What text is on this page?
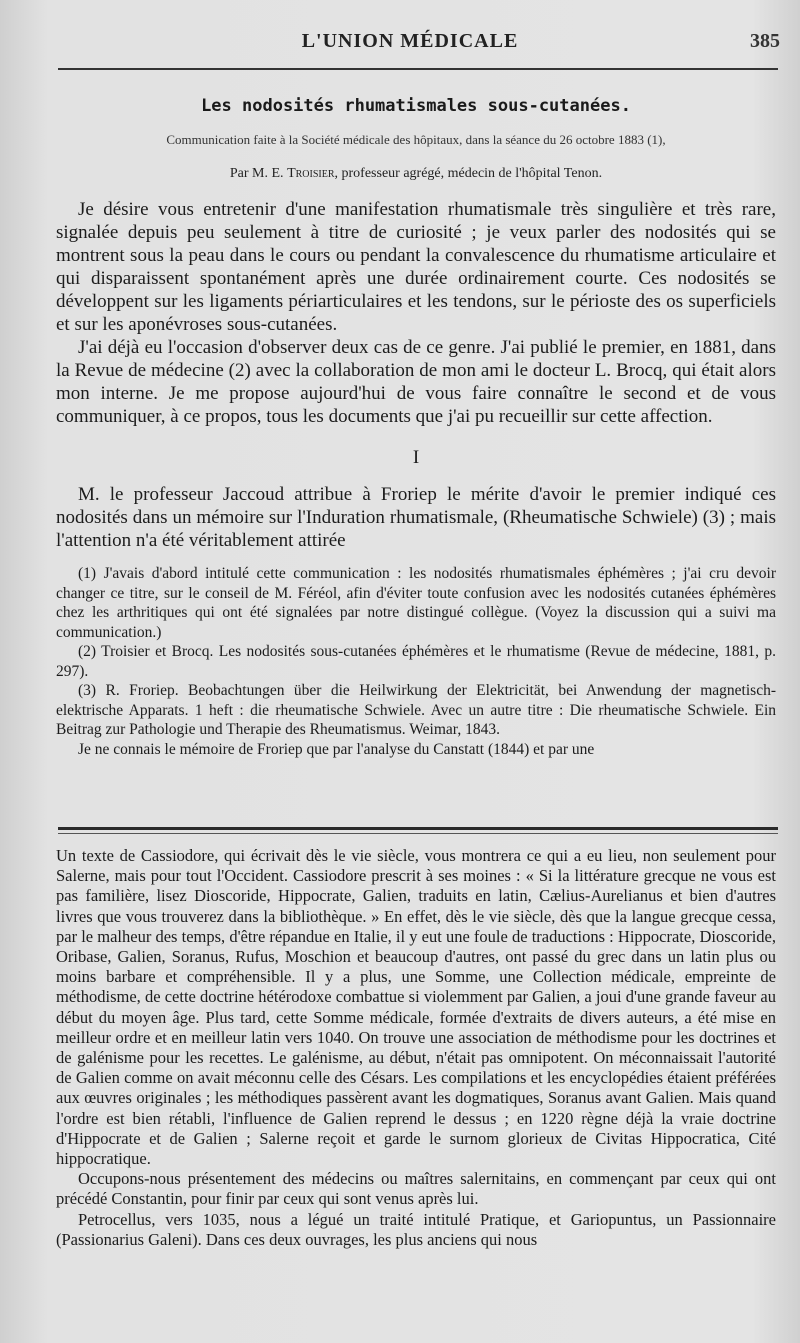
L'UNION MÉDICALE	385
Les nodosités rhumatismales sous-cutanées.
Communication faite à la Société médicale des hôpitaux, dans la séance du 26 octobre 1883 (1),
Par M. E. Troisier, professeur agrégé, médecin de l'hôpital Tenon.

Je désire vous entretenir d'une manifestation rhumatismale très singulière et très rare, signalée depuis peu seulement à titre de curiosité ; je veux parler des nodosités qui se montrent sous la peau dans le cours ou pendant la convalescence du rhumatisme articulaire et qui disparaissent spontanément après une durée ordinairement courte. Ces nodosités se développent sur les ligaments périarticulaires et les tendons, sur le périoste des os superficiels et sur les aponévroses sous-cutanées.

J'ai déjà eu l'occasion d'observer deux cas de ce genre. J'ai publié le premier, en 1881, dans la Revue de médecine (2) avec la collaboration de mon ami le docteur L. Brocq, qui était alors mon interne. Je me propose aujourd'hui de vous faire connaître le second et de vous communiquer, à ce propos, tous les documents que j'ai pu recueillir sur cette affection.

I

M. le professeur Jaccoud attribue à Froriep le mérite d'avoir le premier indiqué ces nodosités dans un mémoire sur l'Induration rhumatismale, (Rheumatische Schwiele) (3) ; mais l'attention n'a été véritablement attirée

(1) J'avais d'abord intitulé cette communication : les nodosités rhumatismales éphémères ; j'ai cru devoir changer ce titre, sur le conseil de M. Féréol, afin d'éviter toute confusion avec les nodosités cutanées éphémères chez les arthritiques qui ont été signalées par notre distingué collègue. (Voyez la discussion qui a suivi ma communication.)

(2) Troisier et Brocq. Les nodosités sous-cutanées éphémères et le rhumatisme (Revue de médecine, 1881, p. 297).

(3) R. Froriep. Beobachtungen über die Heilwirkung der Elektricität, bei Anwendung der magnetisch-elektrische Apparats. 1 heft : die rheumatische Schwiele. Avec un autre titre : Die rheumatische Schwiele. Ein Beitrag zur Pathologie und Therapie des Rheumatismus. Weimar, 1843.

Je ne connais le mémoire de Froriep que par l'analyse du Canstatt (1844) et par une

Un texte de Cassiodore, qui écrivait dès le vie siècle, vous montrera ce qui a eu lieu, non seulement pour Salerne, mais pour tout l'Occident. Cassiodore prescrit à ses moines : « Si la littérature grecque ne vous est pas familière, lisez Dioscoride, Hippocrate, Galien, traduits en latin, Cælius-Aurelianus et bien d'autres livres que vous trouverez dans la bibliothèque. » En effet, dès le vie siècle, dès que la langue grecque cessa, par le malheur des temps, d'être répandue en Italie, il y eut une foule de traductions : Hippocrate, Dioscoride, Oribase, Galien, Soranus, Rufus, Moschion et beaucoup d'autres, ont passé du grec dans un latin plus ou moins barbare et compréhensible. Il y a plus, une Somme, une Collection médicale, empreinte de méthodisme, de cette doctrine hétérodoxe combattue si violemment par Galien, a joui d'une grande faveur au début du moyen âge. Plus tard, cette Somme médicale, formée d'extraits de divers auteurs, a été mise en meilleur ordre et en meilleur latin vers 1040. On trouve une association de méthodisme pour les doctrines et de galénisme pour les recettes. Le galénisme, au début, n'était pas omnipotent. On méconnaissait l'autorité de Galien comme on avait méconnu celle des Césars. Les compilations et les encyclopédies étaient préférées aux œuvres originales ; les méthodiques passèrent avant les dogmatiques, Soranus avant Galien. Mais quand l'ordre est bien rétabli, l'influence de Galien reprend le dessus ; en 1220 règne déjà la vraie doctrine d'Hippocrate et de Galien ; Salerne reçoit et garde le surnom glorieux de Civitas Hippocratica, Cité hippocratique.

Occupons-nous présentement des médecins ou maîtres salernitains, en commençant par ceux qui ont précédé Constantin, pour finir par ceux qui sont venus après lui.

Petrocellus, vers 1035, nous a légué un traité intitulé Pratique, et Gariopuntus, un Passionnaire (Passionarius Galeni). Dans ces deux ouvrages, les plus anciens qui nous
